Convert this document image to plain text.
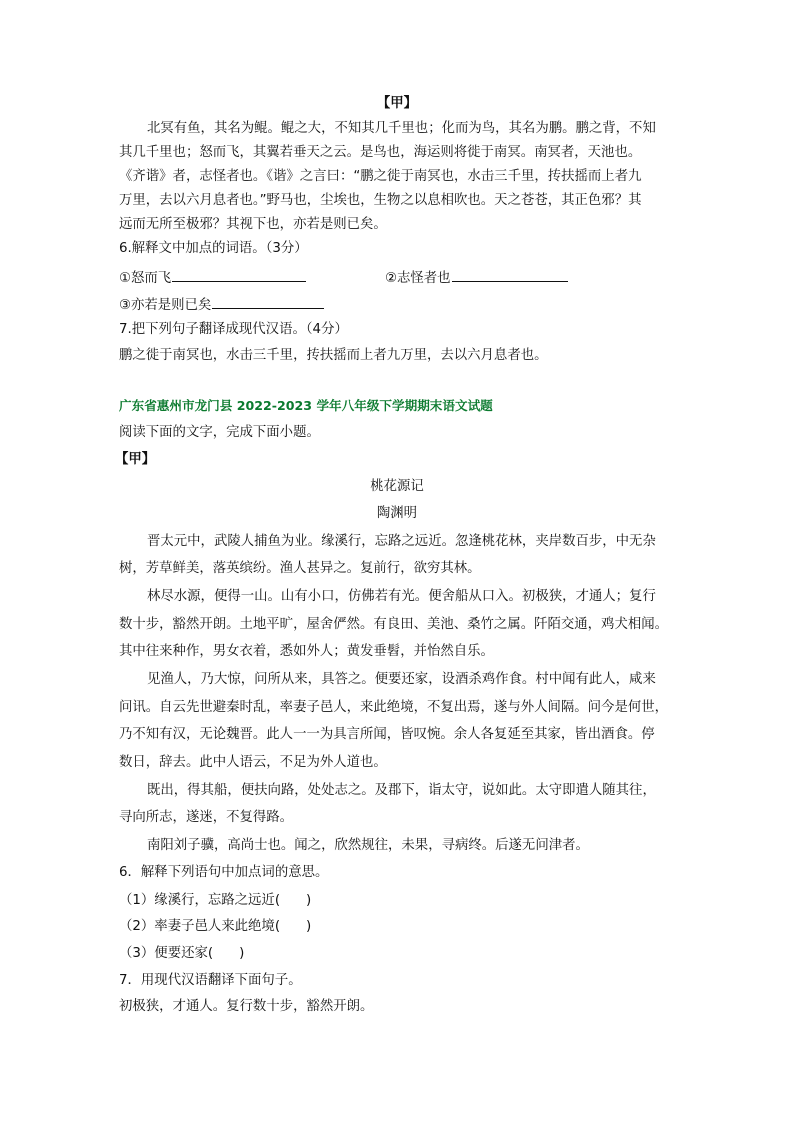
【甲】
北冥有鱼，其名为鲲。鲲之大，不知其几千里也；化而为鸟，其名为鹏。鹏之背，不知
其几千里也；怒而飞，其翼若垂天之云。是鸟也，海运则将徙于南冥。南冥者，天池也。
《齐谐》者，志怪者也。《谐》之言曰：“鹏之徙于南冥也，水击三千里，抟扶摇而上者九
万里，去以六月息者也。”野马也，尘埃也，生物之以息相吹也。天之苍苍，其正色邪？其
远而无所至极邪？其视下也，亦若是则已矣。
6.解释文中加点的词语。（3分）
①怒而飞	②志怪者也
③亦若是则已矣
7.把下列句子翻译成现代汉语。（4分）
鹏之徙于南冥也，水击三千里，抟扶摇而上者九万里，去以六月息者也。
广东省惠州市龙门县 2022-2023 学年八年级下学期期末语文试题
阅读下面的文字，完成下面小题。
【甲】
桃花源记
陶渊明
晋太元中，武陵人捕鱼为业。缘溪行，忘路之远近。忽逢桃花林，夹岸数百步，中无杂
树，芳草鲜美，落英缤纷。渔人甚异之。复前行，欲穷其林。
林尽水源，便得一山。山有小口，仿佛若有光。便舍船从口入。初极狭，才通人；复行
数十步，豁然开朗。土地平旷，屋舍俨然。有良田、美池、桑竹之属。阡陌交通，鸡犬相闻。
其中往来种作，男女衣着，悉如外人；黄发垂髫，并怡然自乐。
见渔人，乃大惊，问所从来，具答之。便要还家，设酒杀鸡作食。村中闻有此人，咸来
问讯。自云先世避秦时乱，率妻子邑人，来此绝境，不复出焉，遂与外人间隔。问今是何世，
乃不知有汉，无论魏晋。此人一一为具言所闻，皆叹惋。余人各复延至其家，皆出酒食。停
数日，辞去。此中人语云，不足为外人道也。
既出，得其船，便扶向路，处处志之。及郡下，诣太守，说如此。太守即遣人随其往，
寻向所志，遂迷，不复得路。
南阳刘子骥，高尚士也。闻之，欣然规往，未果，寻病终。后遂无问津者。
6．解释下列语句中加点词的意思。
（1）缘溪行，忘路之远近( )
（2）率妻子邑人来此绝境( )
（3）便要还家( )
7．用现代汉语翻译下面句子。
初极狭，才通人。复行数十步，豁然开朗。
